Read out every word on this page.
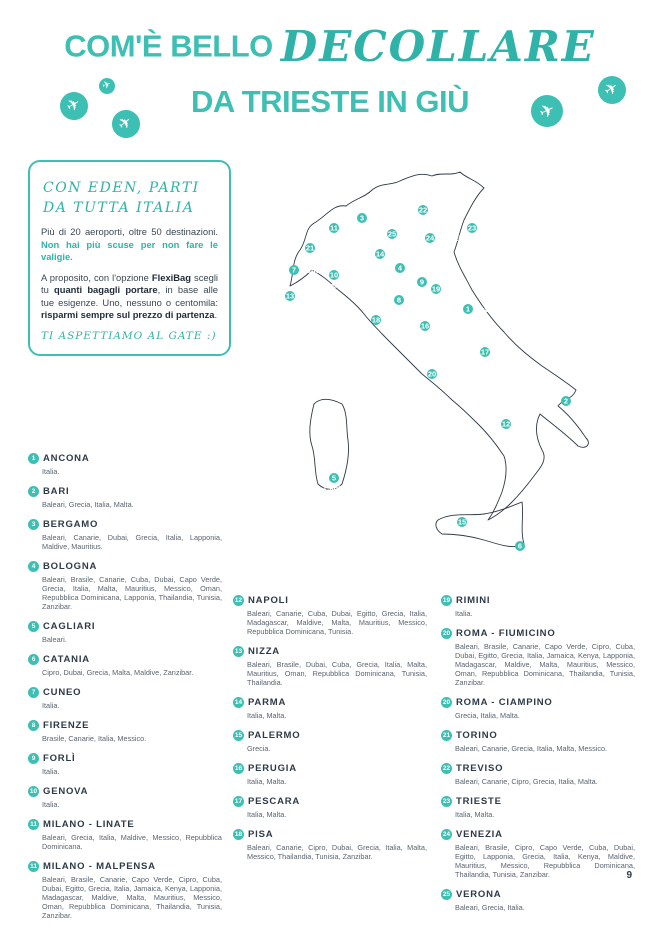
COM'È BELLO DECOLLARE
DA TRIESTE IN GIÙ
✈
✈
✈
✈
✈
CON EDEN, PARTI
DA TUTTA ITALIA

Più di 20 aeroporti, oltre 50 destinazioni. Non hai più scuse per non fare le valigie.

A proposito, con l'opzione FlexiBag scegli tu quanti bagagli portare, in base alle tue esigenze. Uno, nessuno o centomila: risparmi sempre sul prezzo di partenza.

TI ASPETTIAMO AL GATE :)
1 Ancona
2 Bari
3 Bergamo
4
Bologna
5
Cagliari
6 Catania
7 Cuneo
8 Firenze
9
Forlì
10
Genova
11 Milano
12 Napoli
13
Nizza
14 Parma
15
Palermo
16 Perugia
17 Pescara
18 Pisa
19 Rimini
20 Roma
21 Torino
22 Treviso
23 Trieste
24 Venezia
25
Verona
1 ANCONA
Italia.
2 BARI
Baleari, Grecia, Italia, Malta.
3 BERGAMO
Baleari, Canarie, Dubai, Grecia, Italia, Lapponia, Maldive, Mauritius.
4 BOLOGNA
Baleari, Brasile, Canarie, Cuba, Dubai, Capo Verde, Grecia, Italia, Malta, Mauritius, Messico, Oman, Repubblica Dominicana, Lapponia, Thailandia, Tunisia, Zanzibar.
5 CAGLIARI
Baleari.
6 CATANIA
Cipro, Dubai, Grecia, Malta, Maldive, Zanzibar.
7 CUNEO
Italia.
8 FIRENZE
Brasile, Canarie, Italia, Messico.
9 FORLÌ
Italia.
10 GENOVA
Italia.
11 MILANO - LINATE
Baleari, Grecia, Italia, Maldive, Messico, Repubblica Dominicana.
11 MILANO - MALPENSA
Baleari, Brasile, Canarie, Capo Verde, Cipro, Cuba, Dubai, Egitto, Grecia, Italia, Jamaica, Kenya, Lapponia, Madagascar, Maldive, Malta, Mauritius, Messico, Oman, Repubblica Dominicana, Thailandia, Tunisia, Zanzibar.
12 NAPOLI
Baleari, Canarie, Cuba, Dubai, Egitto, Grecia, Italia, Madagascar, Maldive, Malta, Mauritius, Messico, Repubblica Dominicana, Tunisia.
13 NIZZA
Baleari, Brasile, Dubai, Cuba, Grecia, Italia, Malta, Mauritius, Oman, Repubblica Dominicana, Tunisia, Thailandia.
14 PARMA
Italia, Malta.
15 PALERMO
Grecia.
16 PERUGIA
Italia, Malta.
17 PESCARA
Italia, Malta.
18 PISA
Baleari, Canarie, Cipro, Dubai, Grecia, Italia, Malta, Messico, Thailandia, Tunisia, Zanzibar.
19 RIMINI
Italia.
20 ROMA - FIUMICINO
Baleari, Brasile, Canarie, Capo Verde, Cipro, Cuba, Dubai, Egitto, Grecia, Italia, Jamaica, Kenya, Lapponia, Madagascar, Maldive, Malta, Mauritius, Messico, Oman, Repubblica Dominicana, Thailandia, Tunisia, Zanzibar.
20 ROMA - CIAMPINO
Grecia, Italia, Malta.
21 TORINO
Baleari, Canarie, Grecia, Italia, Malta, Messico.
22 TREVISO
Baleari, Canarie, Cipro, Grecia, Italia, Malta.
23 TRIESTE
Italia, Malta.
24 VENEZIA
Baleari, Brasile, Cipro, Capo Verde, Cuba, Dubai, Egitto, Lapponia, Grecia, Italia, Kenya, Maldive, Mauritius, Messico, Repubblica Dominicana, Thailandia, Tunisia, Zanzibar.
25 VERONA
Baleari, Grecia, Italia.
9
